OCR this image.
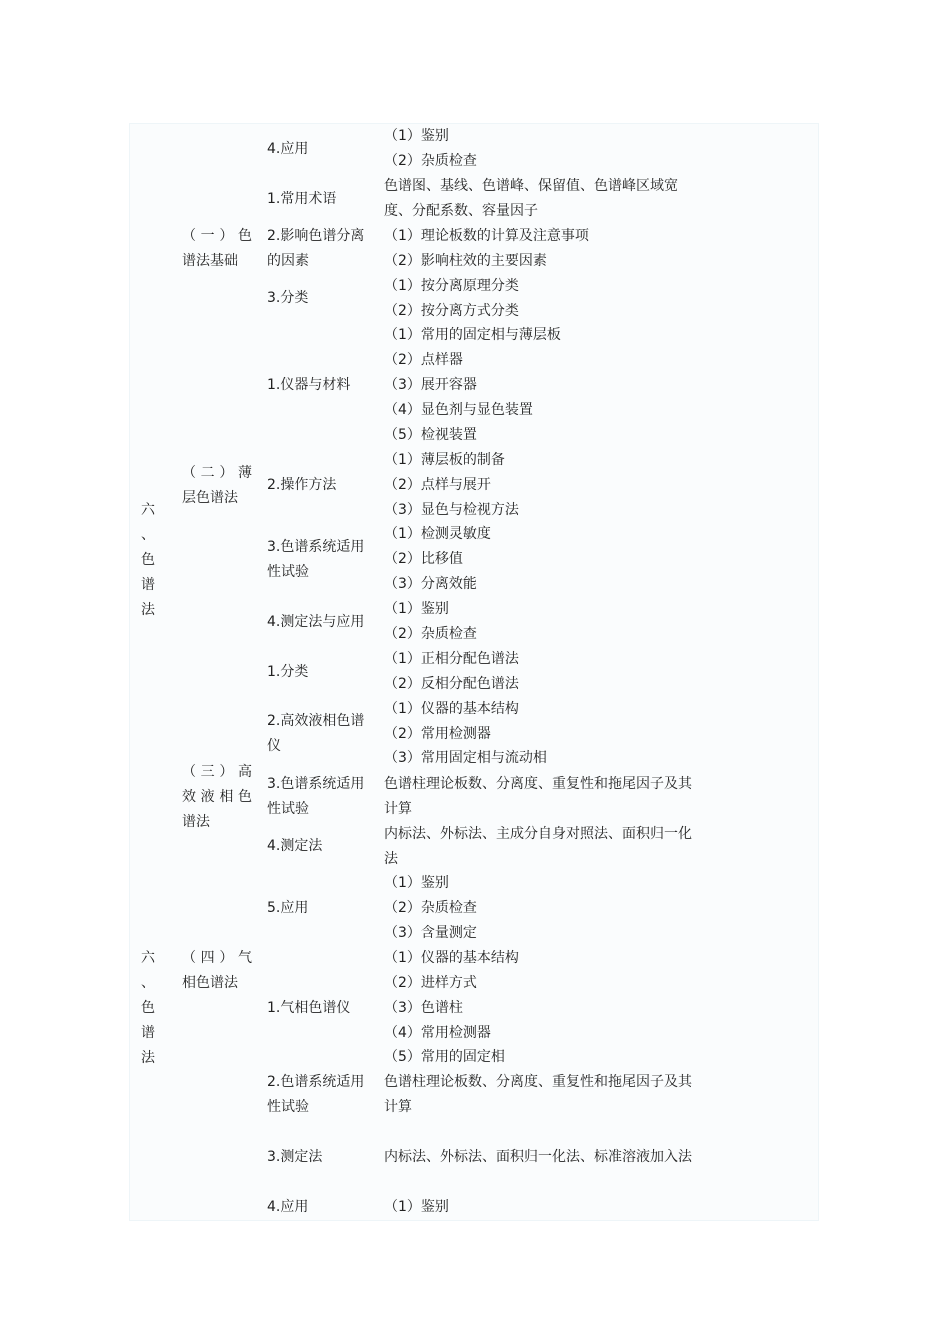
六
、
色
谱
法
六
、
色
谱
法
（一）色
谱法基础
（二）薄
层色谱法
（三）高
效液相色
谱法
（四）气
相色谱法
4.应用
1.常用术语
2.影响色谱分离的因素
3.分类
1.仪器与材料
2.操作方法
3.色谱系统适用性试验
4.测定法与应用
1.分类
2.高效液相色谱仪
3.色谱系统适用性试验
4.测定法
5.应用
1.气相色谱仪
2.色谱系统适用性试验
3.测定法
4.应用
（1）鉴别
（2）杂质检查
色谱图、基线、色谱峰、保留值、色谱峰区域宽度、分配系数、容量因子
（1）理论板数的计算及注意事项
（2）影响柱效的主要因素
（1）按分离原理分类
（2）按分离方式分类
（1）常用的固定相与薄层板
（2）点样器
（3）展开容器
（4）显色剂与显色装置
（5）检视装置
（1）薄层板的制备
（2）点样与展开
（3）显色与检视方法
（1）检测灵敏度
（2）比移值
（3）分离效能
（1）鉴别
（2）杂质检查
（1）正相分配色谱法
（2）反相分配色谱法
（1）仪器的基本结构
（2）常用检测器
（3）常用固定相与流动相
色谱柱理论板数、分离度、重复性和拖尾因子及其计算
内标法、外标法、主成分自身对照法、面积归一化法
（1）鉴别
（2）杂质检查
（3）含量测定
（1）仪器的基本结构
（2）进样方式
（3）色谱柱
（4）常用检测器
（5）常用的固定相
色谱柱理论板数、分离度、重复性和拖尾因子及其计算
内标法、外标法、面积归一化法、标准溶液加入法
（1）鉴别
